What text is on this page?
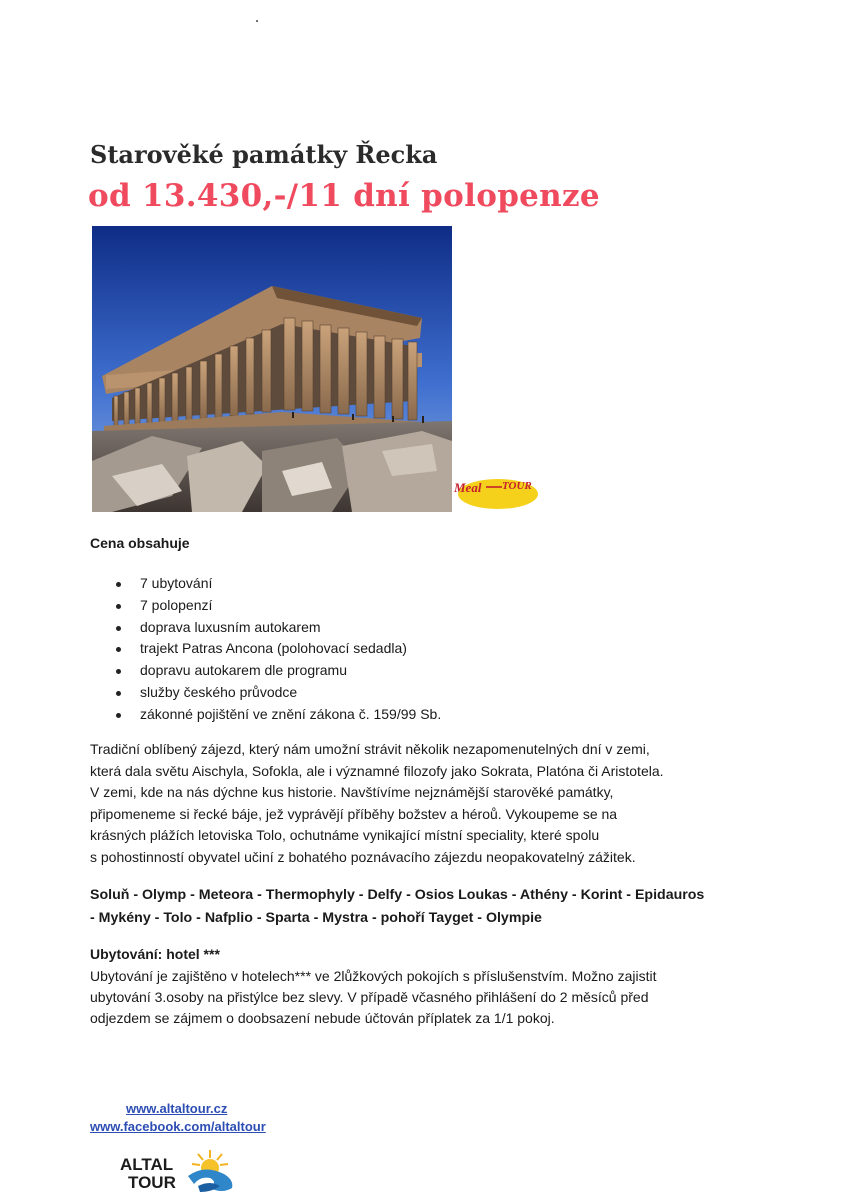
Starověké památky Řecka
od 13.430,-/11 dní polopenze
Meal TOUR
Cena obsahuje
7 ubytování
7 polopenzí
doprava luxusním autokarem
trajekt Patras Ancona (polohovací sedadla)
dopravu autokarem dle programu
služby českého průvodce
zákonné pojištění ve znění zákona č. 159/99 Sb.
Tradiční oblíbený zájezd, který nám umožní strávit několik nezapomenutelných dní v zemi,
která dala světu Aischyla, Sofokla, ale i významné filozofy jako Sokrata, Platóna či Aristotela.
V zemi, kde na nás dýchne kus historie. Navštívíme nejznámější starověké památky,
připomeneme si řecké báje, jež vyprávějí příběhy božstev a hérоů. Vykoupeme se na
krásných plážích letoviska Tolo, ochutnáme vynikající místní speciality, které spolu
s pohostinností obyvatel učiní z bohatého poznávacího zájezdu neopakovatelný zážitek.
Soluň - Olymp - Meteora - Thermophyly - Delfy - Osios Loukas - Athény - Korint - Epidauros
- Mykény - Tolo - Nafplio - Sparta - Mystra - pohoří Tayget - Olympie
Ubytování: hotel ***
Ubytování je zajištěno v hotelech*** ve 2lůžkových pokojích s příslušenstvím. Možno zajistit
ubytování 3.osoby na přistýlce bez slevy. V případě včasného přihlášení do 2 měsíců před
odjezdem se zájmem o doobsazení nebude účtován příplatek za 1/1 pokoj.
www.altaltour.cz
www.facebook.com/altaltour
ALTAL
TOUR
